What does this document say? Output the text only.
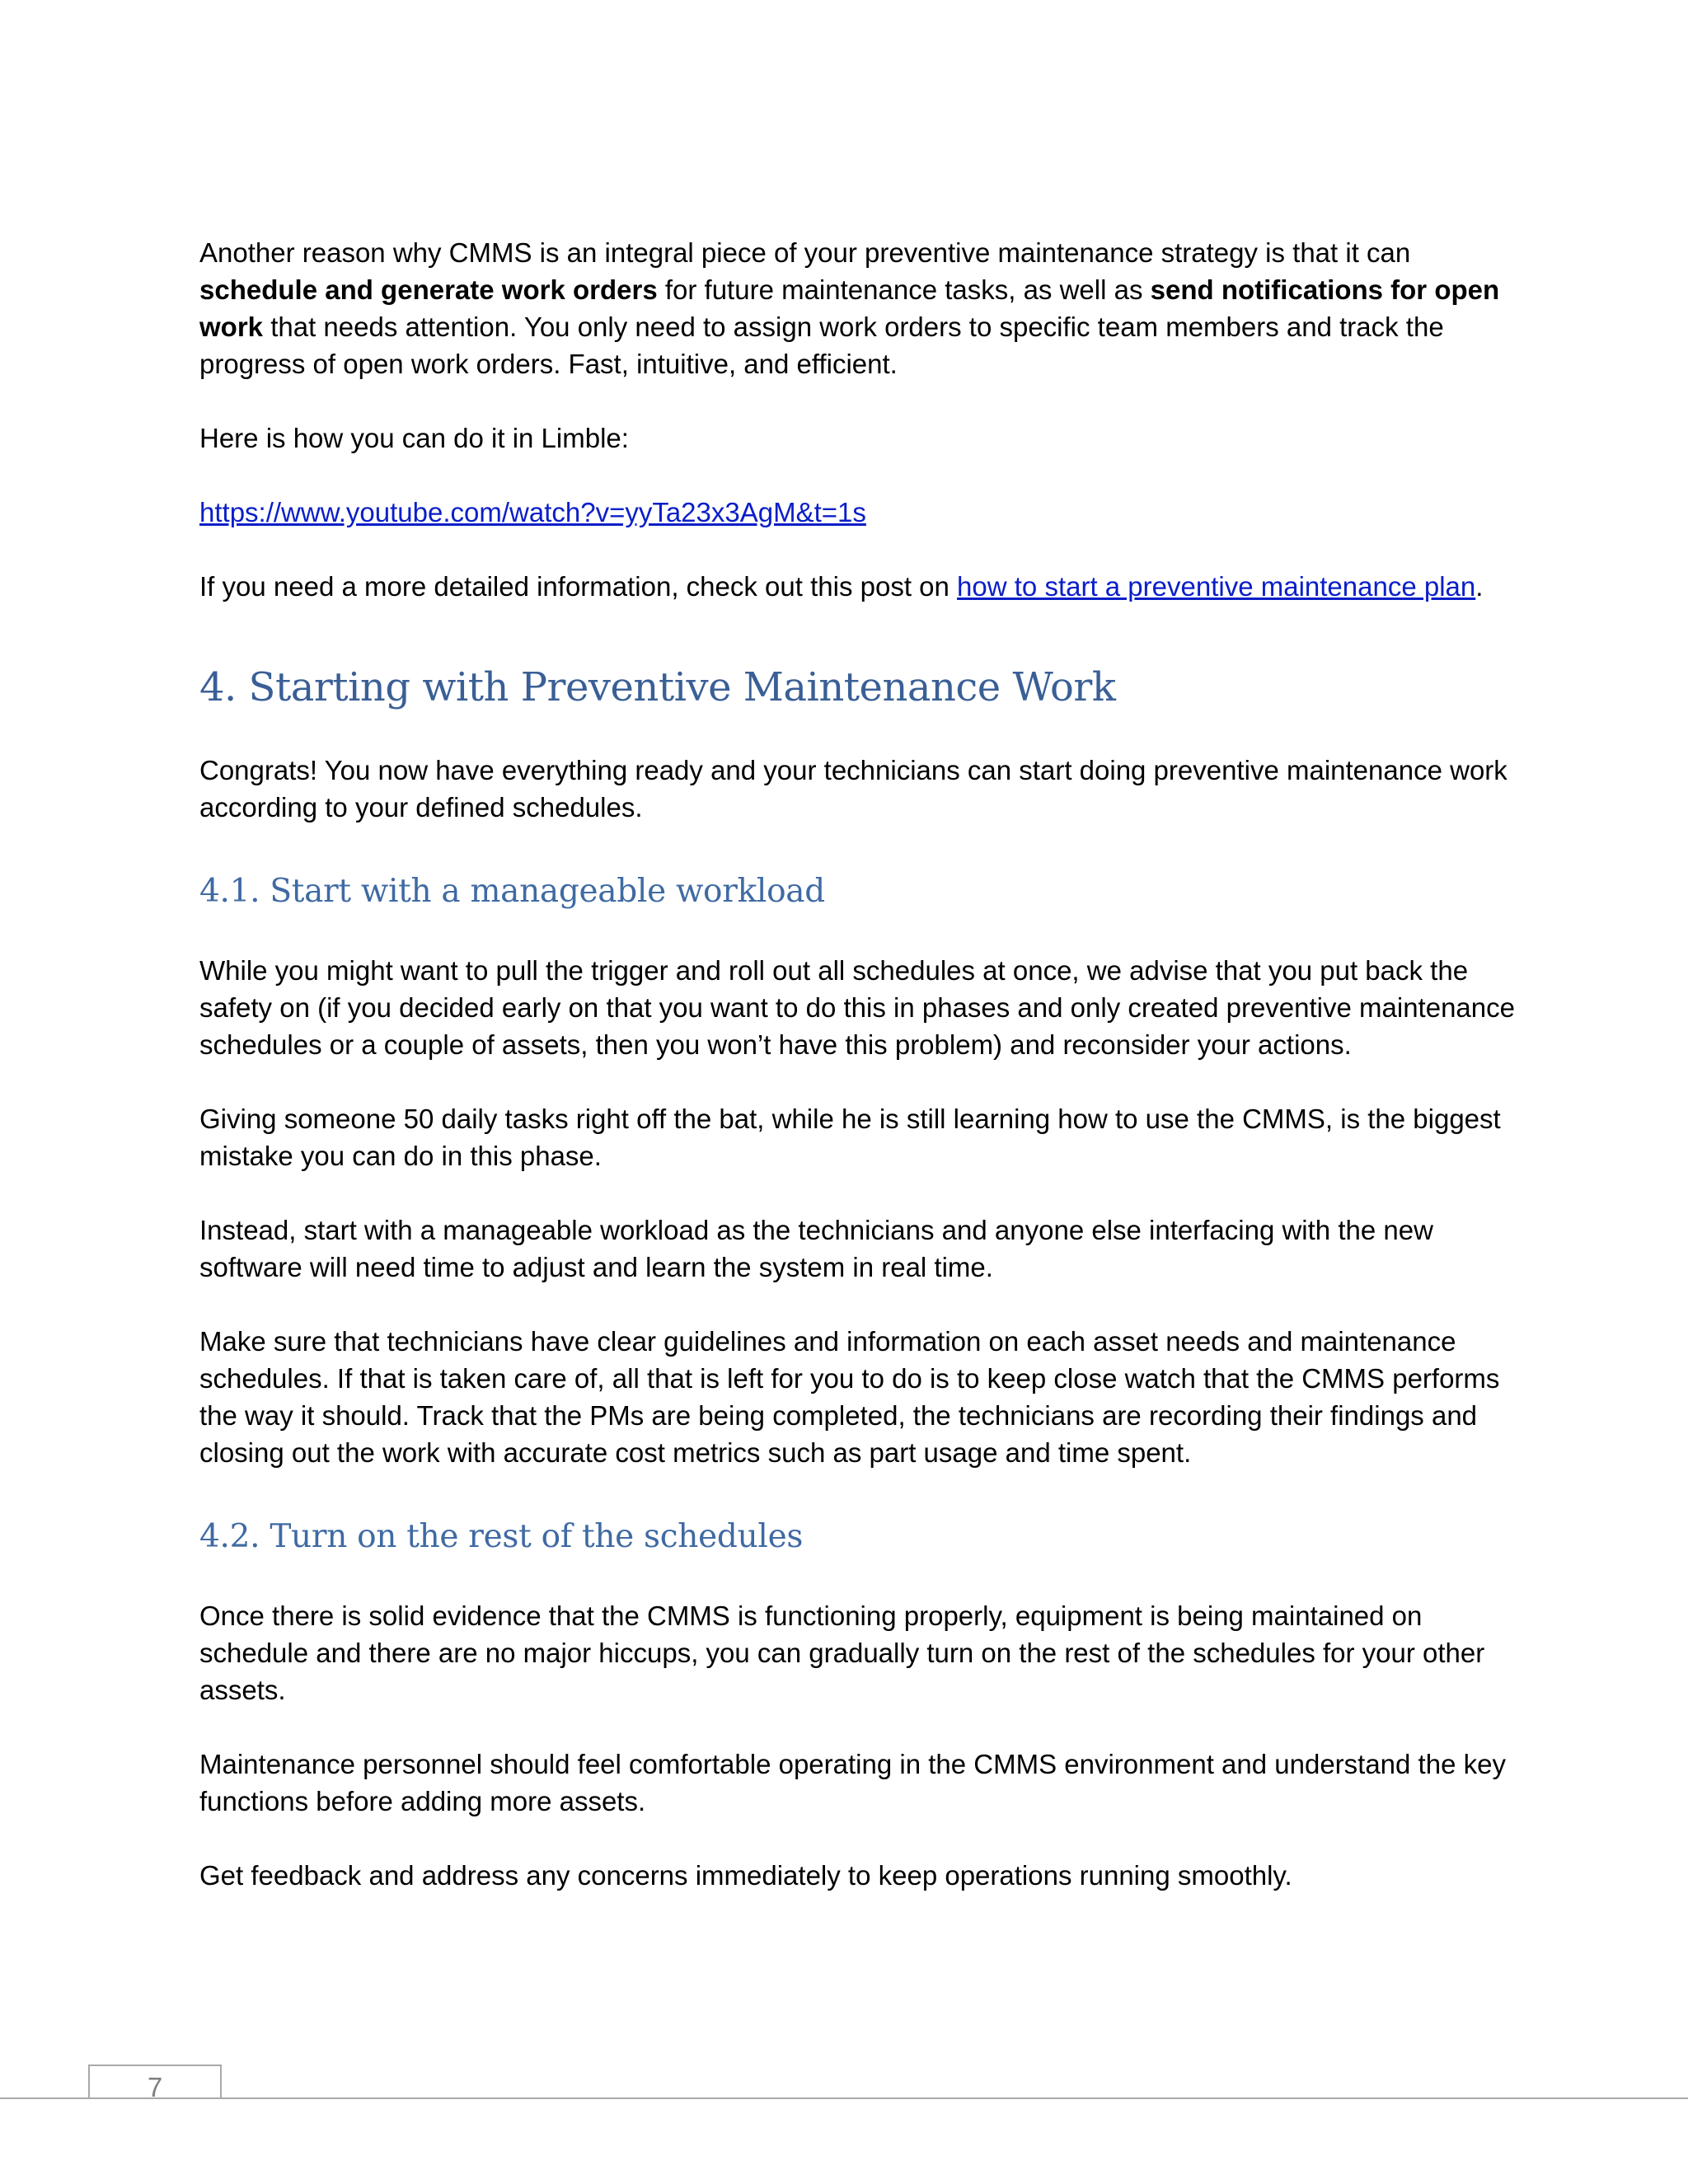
Another reason why CMMS is an integral piece of your preventive maintenance strategy is that it can schedule and generate work orders for future maintenance tasks, as well as send notifications for open work that needs attention. You only need to assign work orders to specific team members and track the progress of open work orders. Fast, intuitive, and efficient.

Here is how you can do it in Limble:

https://www.youtube.com/watch?v=yyTa23x3AgM&t=1s

If you need a more detailed information, check out this post on how to start a preventive maintenance plan.

4. Starting with Preventive Maintenance Work

Congrats! You now have everything ready and your technicians can start doing preventive maintenance work according to your defined schedules.

4.1. Start with a manageable workload

While you might want to pull the trigger and roll out all schedules at once, we advise that you put back the safety on (if you decided early on that you want to do this in phases and only created preventive maintenance schedules or a couple of assets, then you won’t have this problem) and reconsider your actions.

Giving someone 50 daily tasks right off the bat, while he is still learning how to use the CMMS, is the biggest mistake you can do in this phase.

Instead, start with a manageable workload as the technicians and anyone else interfacing with the new software will need time to adjust and learn the system in real time.

Make sure that technicians have clear guidelines and information on each asset needs and maintenance schedules. If that is taken care of, all that is left for you to do is to keep close watch that the CMMS performs the way it should. Track that the PMs are being completed, the technicians are recording their findings and closing out the work with accurate cost metrics such as part usage and time spent.

4.2. Turn on the rest of the schedules

Once there is solid evidence that the CMMS is functioning properly, equipment is being maintained on schedule and there are no major hiccups, you can gradually turn on the rest of the schedules for your other assets.

Maintenance personnel should feel comfortable operating in the CMMS environment and understand the key functions before adding more assets.

Get feedback and address any concerns immediately to keep operations running smoothly.

7
